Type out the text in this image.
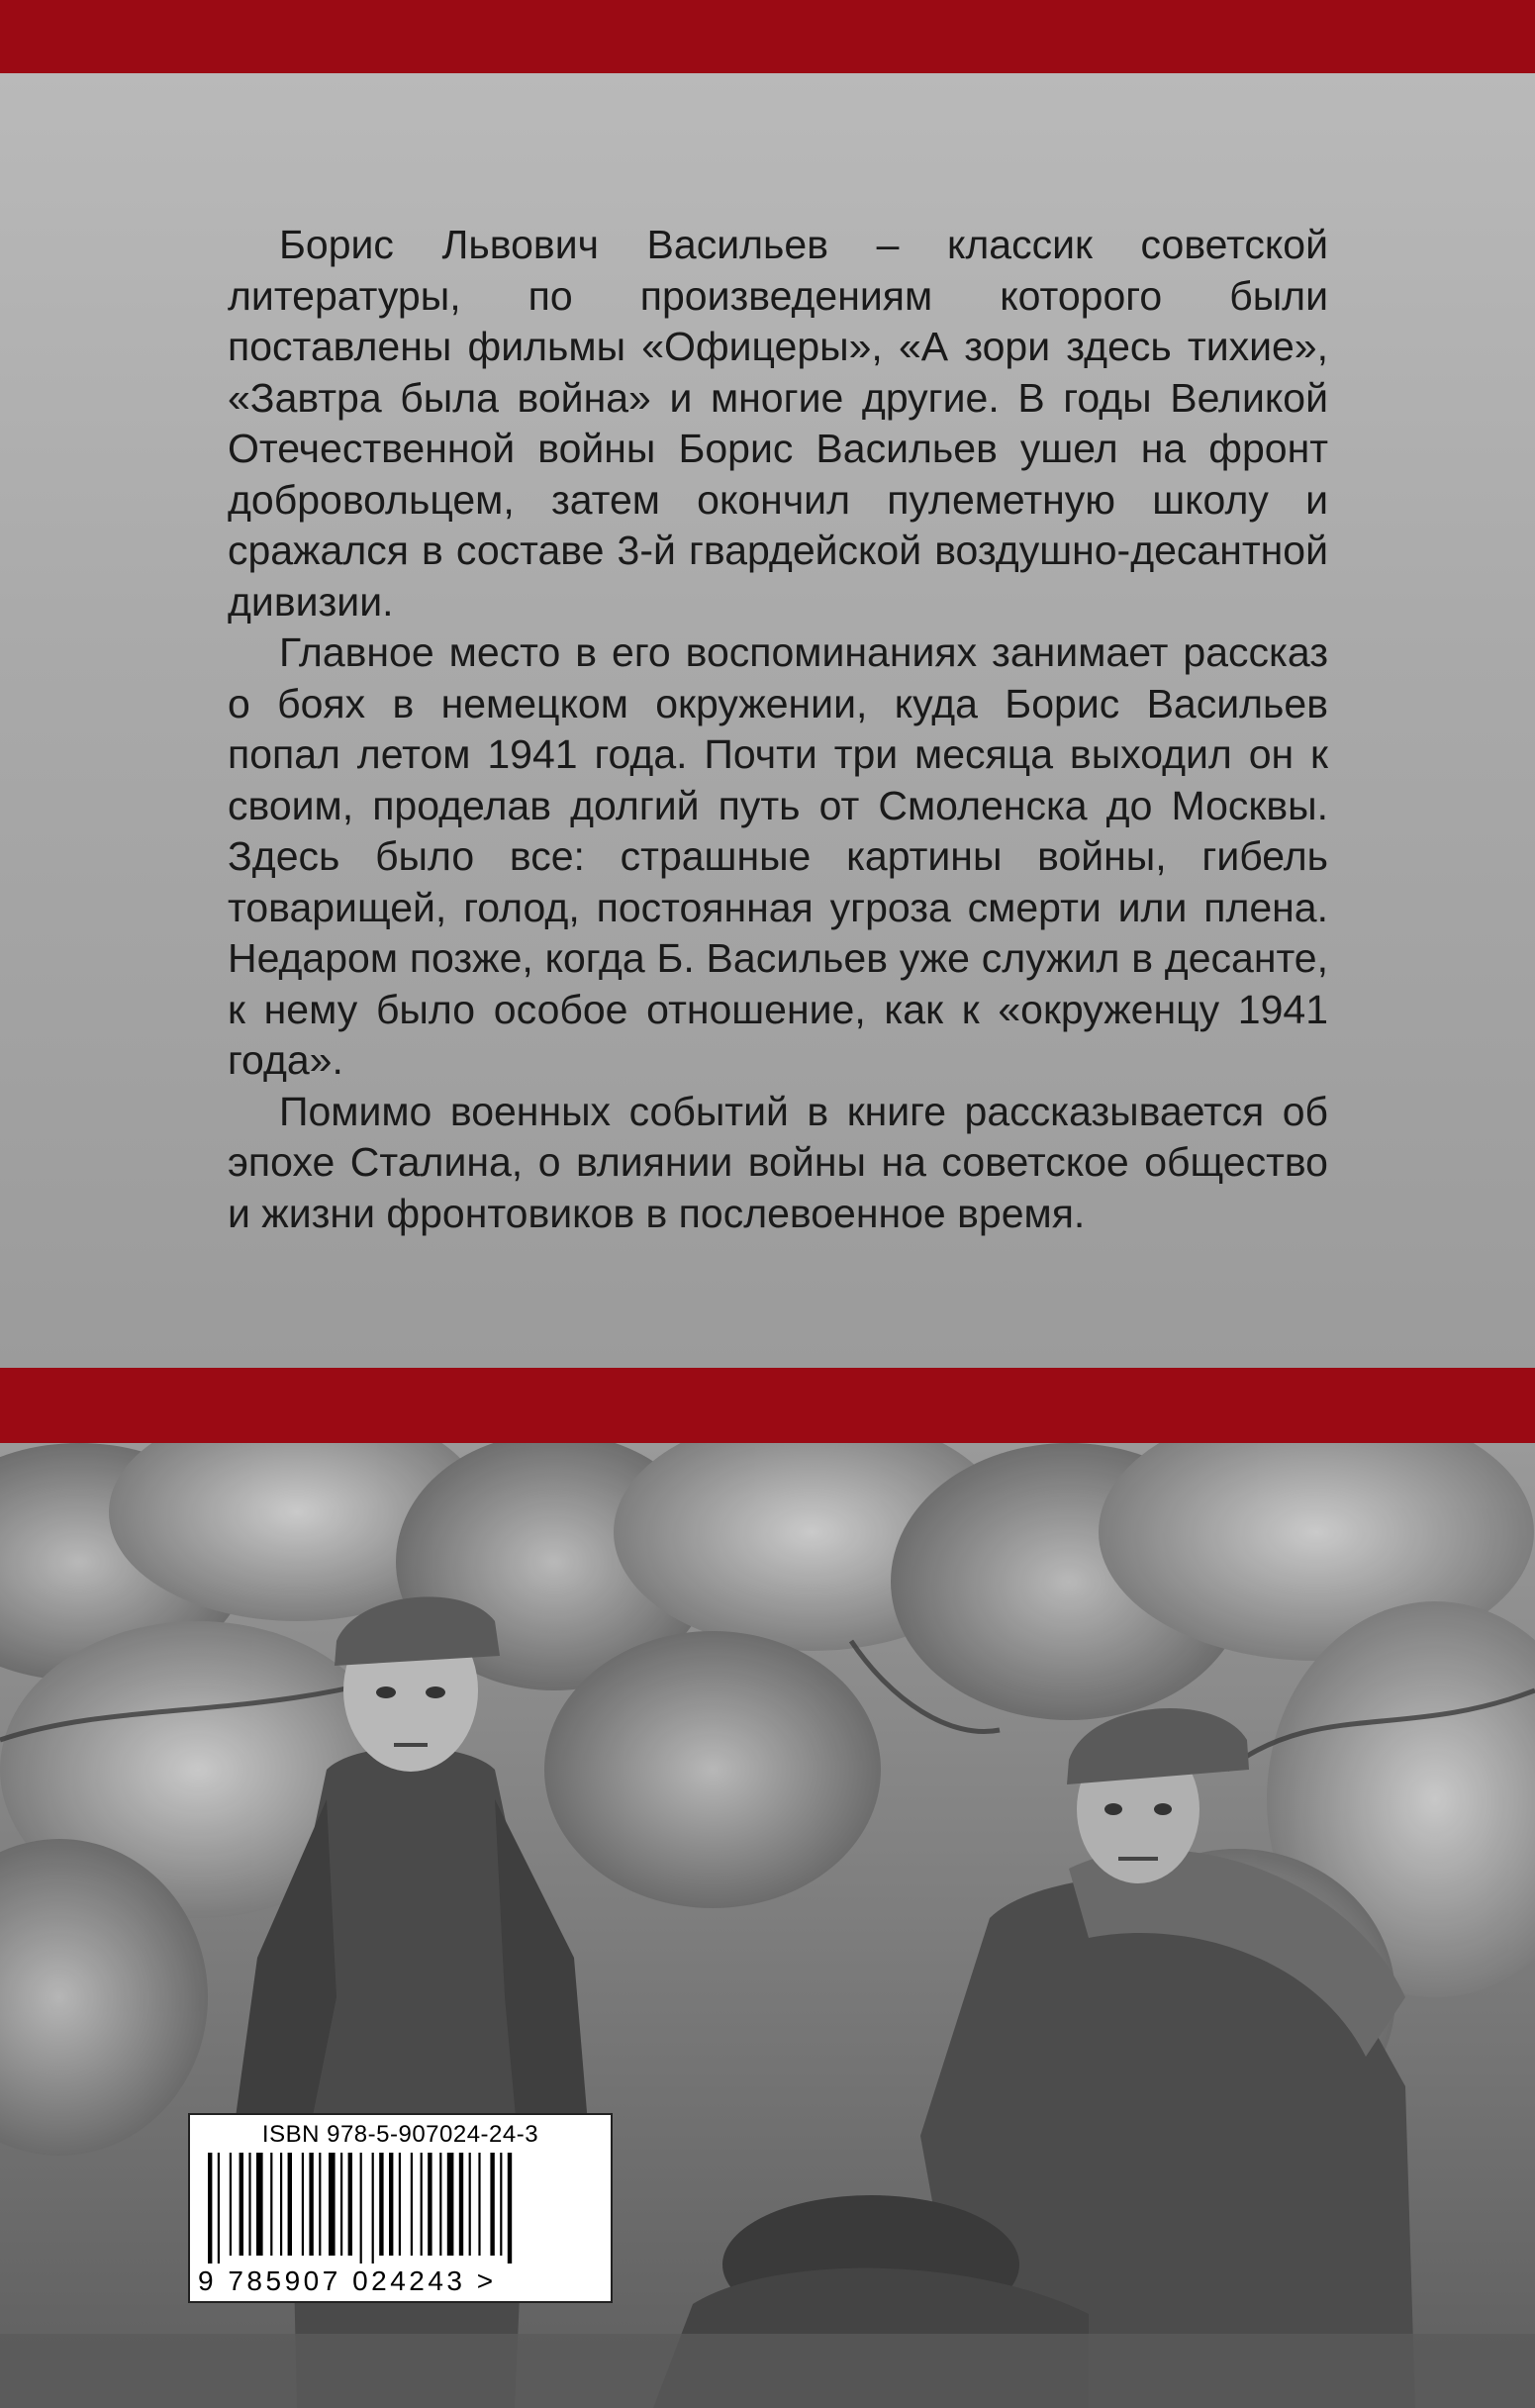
Борис Львович Васильев – классик советской литературы, по произведениям которого были поставлены фильмы «Офицеры», «А зори здесь тихие», «Завтра была война» и многие другие. В годы Великой Отечественной войны Борис Васильев ушел на фронт добровольцем, затем окончил пулеметную школу и сражался в составе 3-й гвардейской воздушно-десантной дивизии.

Главное место в его воспоминаниях занимает рассказ о боях в немецком окружении, куда Борис Васильев попал летом 1941 года. Почти три месяца выходил он к своим, проделав долгий путь от Смоленска до Москвы. Здесь было все: страшные картины войны, гибель товарищей, голод, постоянная угроза смерти или плена. Недаром позже, когда Б. Васильев уже служил в десанте, к нему было особое отношение, как к «окруженцу 1941 года».

Помимо военных событий в книге рассказывается об эпохе Сталина, о влиянии войны на советское общество и жизни фронтовиков в послевоенное время.

ISBN 978-5-907024-24-3
9 785907 024243 >
